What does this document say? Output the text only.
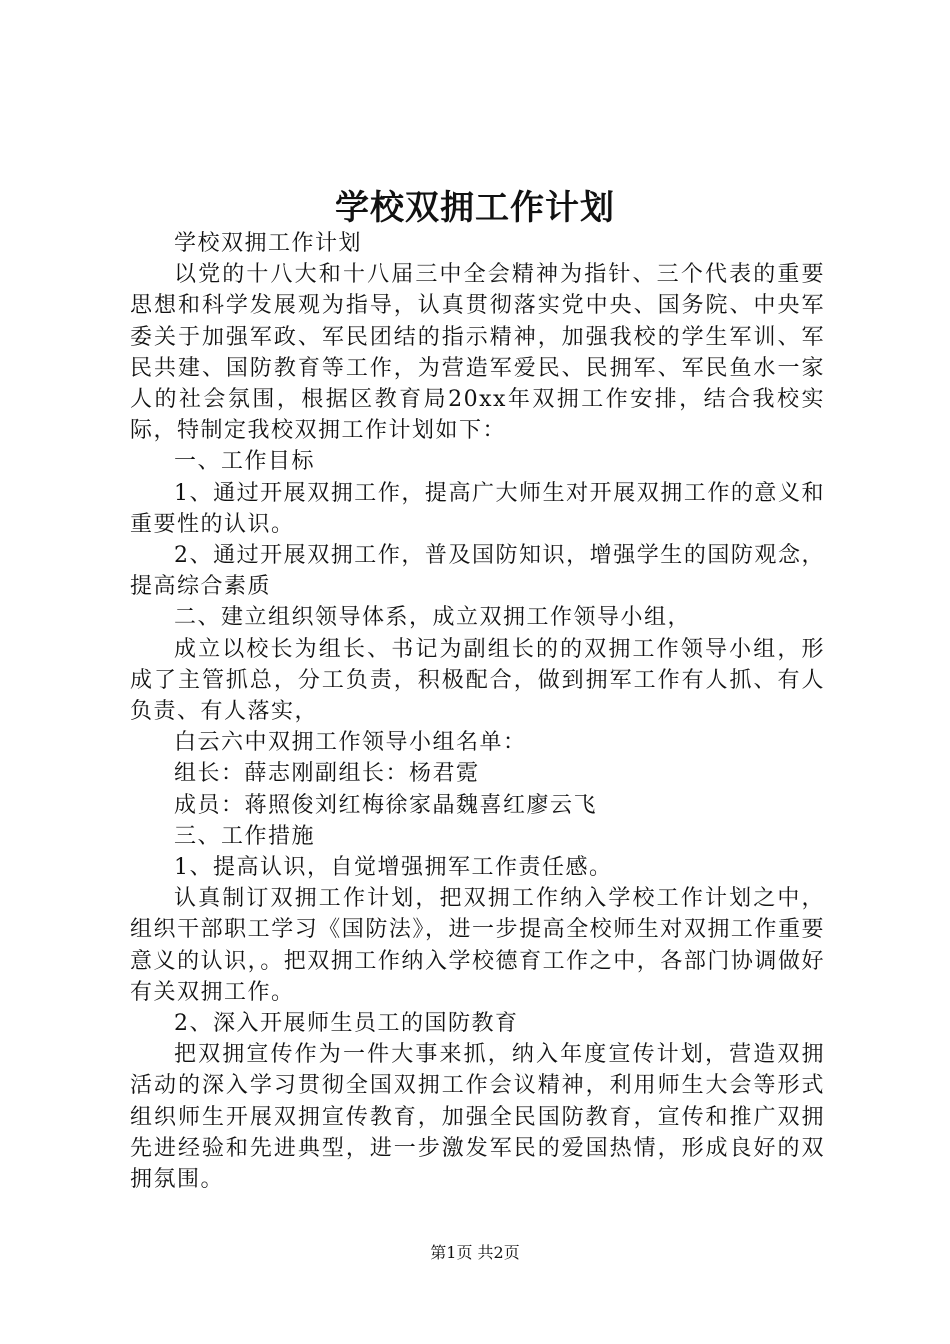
学校双拥工作计划

学校双拥工作计划

以党的十八大和十八届三中全会精神为指针、三个代表的重要思想和科学发展观为指导，认真贯彻落实党中央、国务院、中央军委关于加强军政、军民团结的指示精神，加强我校的学生军训、军民共建、国防教育等工作，为营造军爱民、民拥军、军民鱼水一家人的社会氛围，根据区教育局20xx年双拥工作安排，结合我校实际，特制定我校双拥工作计划如下：

一、工作目标

1、通过开展双拥工作，提高广大师生对开展双拥工作的意义和重要性的认识。

2、通过开展双拥工作，普及国防知识，增强学生的国防观念，提高综合素质

二、建立组织领导体系，成立双拥工作领导小组，

成立以校长为组长、书记为副组长的的双拥工作领导小组，形成了主管抓总，分工负责，积极配合，做到拥军工作有人抓、有人负责、有人落实，

白云六中双拥工作领导小组名单：

组长：薛志刚副组长：杨君霓

成员：蒋照俊刘红梅徐家晶魏喜红廖云飞

三、工作措施

1、提高认识，自觉增强拥军工作责任感。

认真制订双拥工作计划，把双拥工作纳入学校工作计划之中，组织干部职工学习《国防法》，进一步提高全校师生对双拥工作重要意义的认识，。把双拥工作纳入学校德育工作之中，各部门协调做好有关双拥工作。

2、深入开展师生员工的国防教育

把双拥宣传作为一件大事来抓，纳入年度宣传计划，营造双拥活动的深入学习贯彻全国双拥工作会议精神，利用师生大会等形式组织师生开展双拥宣传教育，加强全民国防教育，宣传和推广双拥先进经验和先进典型，进一步激发军民的爱国热情，形成良好的双拥氛围。

第1页 共2页
